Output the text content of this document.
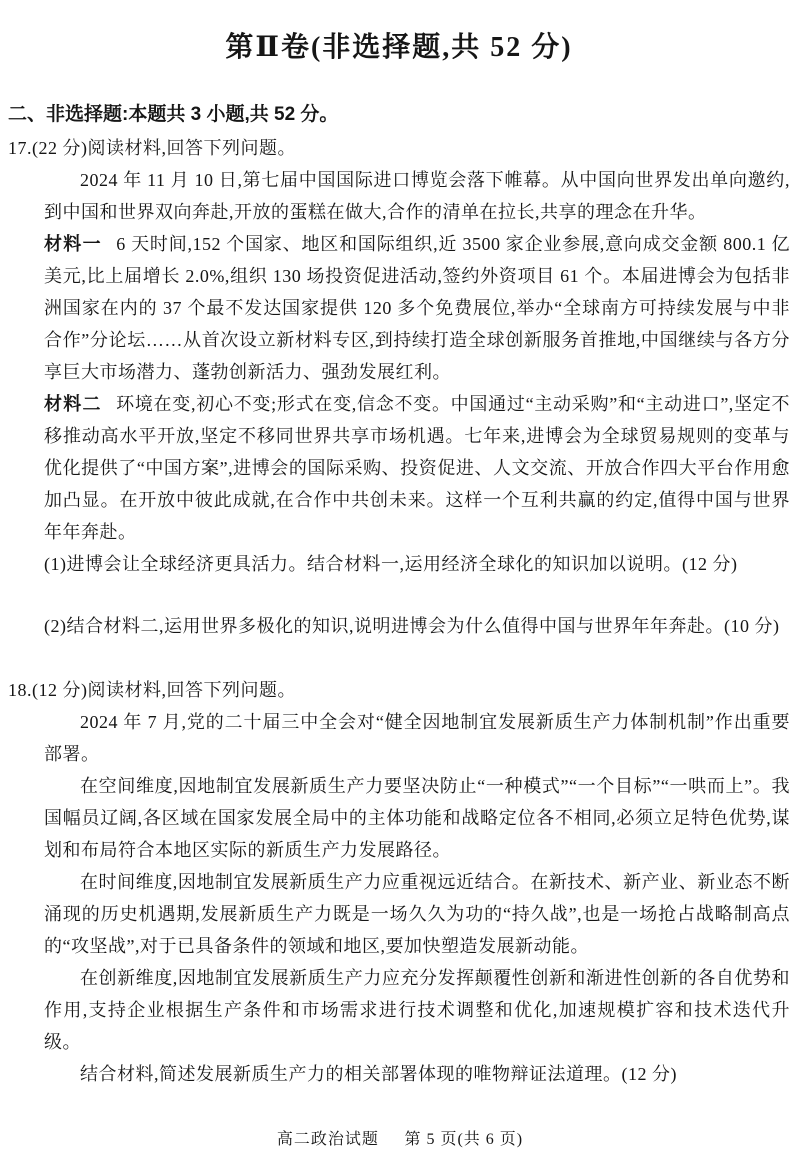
第Ⅱ卷(非选择题,共 52 分)
二、非选择题:本题共 3 小题,共 52 分。
17.(22 分)阅读材料,回答下列问题。

2024 年 11 月 10 日,第七届中国国际进口博览会落下帷幕。从中国向世界发出单向邀约,到中国和世界双向奔赴,开放的蛋糕在做大,合作的清单在拉长,共享的理念在升华。

材料一 6 天时间,152 个国家、地区和国际组织,近 3500 家企业参展,意向成交金额 800.1 亿美元,比上届增长 2.0%,组织 130 场投资促进活动,签约外资项目 61 个。本届进博会为包括非洲国家在内的 37 个最不发达国家提供 120 多个免费展位,举办“全球南方可持续发展与中非合作”分论坛……从首次设立新材料专区,到持续打造全球创新服务首推地,中国继续与各方分享巨大市场潜力、蓬勃创新活力、强劲发展红利。

材料二 环境在变,初心不变;形式在变,信念不变。中国通过“主动采购”和“主动进口”,坚定不移推动高水平开放,坚定不移同世界共享市场机遇。七年来,进博会为全球贸易规则的变革与优化提供了“中国方案”,进博会的国际采购、投资促进、人文交流、开放合作四大平台作用愈加凸显。在开放中彼此成就,在合作中共创未来。这样一个互利共赢的约定,值得中国与世界年年奔赴。

(1)进博会让全球经济更具活力。结合材料一,运用经济全球化的知识加以说明。(12 分)
(2)结合材料二,运用世界多极化的知识,说明进博会为什么值得中国与世界年年奔赴。(10 分)
18.(12 分)阅读材料,回答下列问题。

2024 年 7 月,党的二十届三中全会对“健全因地制宜发展新质生产力体制机制”作出重要部署。

在空间维度,因地制宜发展新质生产力要坚决防止“一种模式”“一个目标”“一哄而上”。我国幅员辽阔,各区域在国家发展全局中的主体功能和战略定位各不相同,必须立足特色优势,谋划和布局符合本地区实际的新质生产力发展路径。

在时间维度,因地制宜发展新质生产力应重视远近结合。在新技术、新产业、新业态不断涌现的历史机遇期,发展新质生产力既是一场久久为功的“持久战”,也是一场抢占战略制高点的“攻坚战”,对于已具备条件的领域和地区,要加快塑造发展新动能。

在创新维度,因地制宜发展新质生产力应充分发挥颠覆性创新和渐进性创新的各自优势和作用,支持企业根据生产条件和市场需求进行技术调整和优化,加速规模扩容和技术迭代升级。

结合材料,简述发展新质生产力的相关部署体现的唯物辩证法道理。(12 分)

高二政治试题 第 5 页(共 6 页)
